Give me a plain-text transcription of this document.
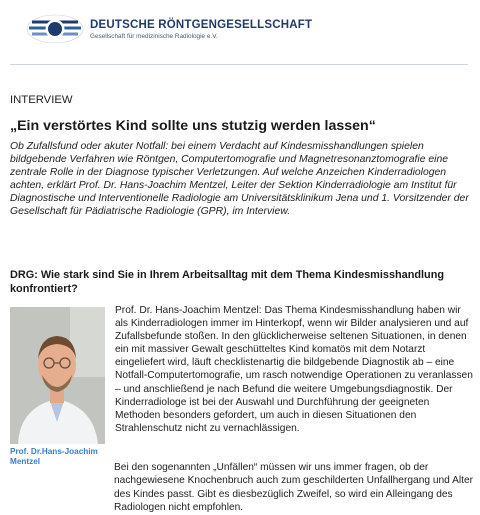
DEUTSCHE RÖNTGENGESELLSCHAFT
Gesellschaft für medizinische Radiologie e.V.
INTERVIEW
„Ein verstörtes Kind sollte uns stutzig werden lassen“
Ob Zufallsfund oder akuter Notfall: bei einem Verdacht auf Kindesmisshandlungen spielen bildgebende Verfahren wie Röntgen, Computertomografie und Magnetresonanztomografie eine zentrale Rolle in der Diagnose typischer Verletzungen. Auf welche Anzeichen Kinderradiologen achten, erklärt Prof. Dr. Hans-Joachim Mentzel, Leiter der Sektion Kinderradiologie am Institut für Diagnostische und Interventionelle Radiologie am Universitätsklinikum Jena und 1. Vorsitzender der Gesellschaft für Pädiatrische Radiologie (GPR), im Interview.
DRG: Wie stark sind Sie in Ihrem Arbeitsalltag mit dem Thema Kindesmisshandlung konfrontiert?
Prof. Dr.Hans-Joachim Mentzel
Prof. Dr. Hans-Joachim Mentzel: Das Thema Kindesmisshandlung haben wir als Kinderradiologen immer im Hinterkopf, wenn wir Bilder analysieren und auf Zufallsbefunde stoßen. In den glücklicherweise seltenen Situationen, in denen ein mit massiver Gewalt geschütteltes Kind komatös mit dem Notarzt eingeliefert wird, läuft checklistenartig die bildgebende Diagnostik ab – eine Notfall-Computertomografie, um rasch notwendige Operationen zu veranlassen – und anschließend je nach Befund die weitere Umgebungsdiagnostik. Der Kinderradiologe ist bei der Auswahl und Durchführung der geeigneten Methoden besonders gefordert, um auch in diesen Situationen den Strahlenschutz nicht zu vernachlässigen.
Bei den sogenannten „Unfällen“ müssen wir uns immer fragen, ob der nachgewiesene Knochenbruch auch zum geschilderten Unfallhergang und Alter des Kindes passt. Gibt es diesbezüglich Zweifel, so wird ein Alleingang des Radiologen nicht empfohlen.
